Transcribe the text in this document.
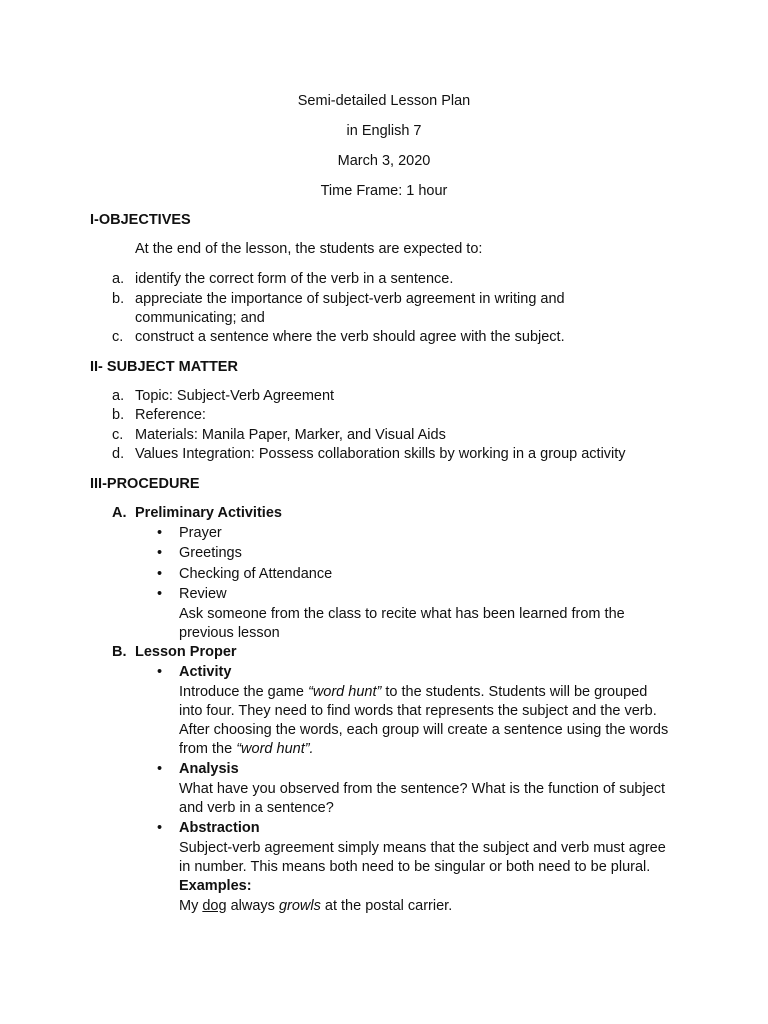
Semi-detailed Lesson Plan
in English 7
March 3, 2020
Time Frame: 1 hour
I-OBJECTIVES
At the end of the lesson, the students are expected to:
a. identify the correct form of the verb in a sentence.
b. appreciate the importance of subject-verb agreement in writing and
communicating; and
c. construct a sentence where the verb should agree with the subject.
II- SUBJECT MATTER
a. Topic: Subject-Verb Agreement
b. Reference:
c. Materials: Manila Paper, Marker, and Visual Aids
d. Values Integration: Possess collaboration skills by working in a group activity
III-PROCEDURE
A. Preliminary Activities
• Prayer
• Greetings
• Checking of Attendance
• Review
Ask someone from the class to recite what has been learned from the
previous lesson
B. Lesson Proper
• Activity
Introduce the game “word hunt” to the students. Students will be grouped
into four. They need to find words that represents the subject and the verb.
After choosing the words, each group will create a sentence using the words
from the “word hunt”.
• Analysis
What have you observed from the sentence? What is the function of subject
and verb in a sentence?
• Abstraction
Subject-verb agreement simply means that the subject and verb must agree
in number. This means both need to be singular or both need to be plural.
Examples:
My dog always growls at the postal carrier.
